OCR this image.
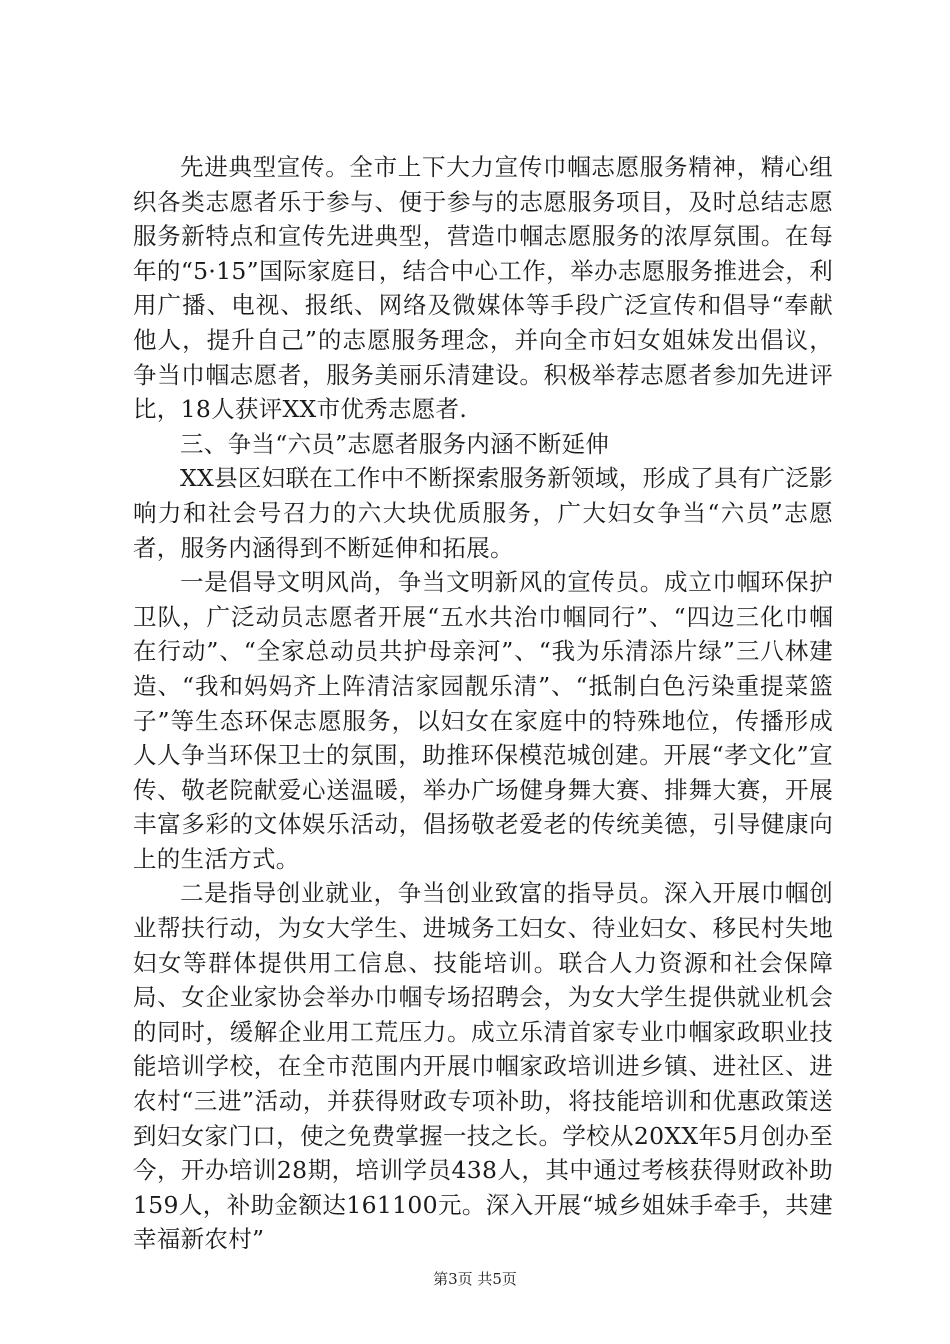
先进典型宣传。全市上下大力宣传巾帼志愿服务精神，精心组织各类志愿者乐于参与、便于参与的志愿服务项目，及时总结志愿服务新特点和宣传先进典型，营造巾帼志愿服务的浓厚氛围。在每年的“5·15”国际家庭日，结合中心工作，举办志愿服务推进会，利用广播、电视、报纸、网络及微媒体等手段广泛宣传和倡导“奉献他人，提升自己”的志愿服务理念，并向全市妇女姐妹发出倡议，争当巾帼志愿者，服务美丽乐清建设。积极举荐志愿者参加先进评比，18人获评XX市优秀志愿者.

三、争当“六员”志愿者服务内涵不断延伸

XX县区妇联在工作中不断探索服务新领域，形成了具有广泛影响力和社会号召力的六大块优质服务，广大妇女争当“六员”志愿者，服务内涵得到不断延伸和拓展。

一是倡导文明风尚，争当文明新风的宣传员。成立巾帼环保护卫队，广泛动员志愿者开展“五水共治巾帼同行”、“四边三化巾帼在行动”、“全家总动员共护母亲河”、“我为乐清添片绿”三八林建造、“我和妈妈齐上阵清洁家园靓乐清”、“抵制白色污染重提菜篮子”等生态环保志愿服务，以妇女在家庭中的特殊地位，传播形成人人争当环保卫士的氛围，助推环保模范城创建。开展“孝文化”宣传、敬老院献爱心送温暖，举办广场健身舞大赛、排舞大赛，开展丰富多彩的文体娱乐活动，倡扬敬老爱老的传统美德，引导健康向上的生活方式。

二是指导创业就业，争当创业致富的指导员。深入开展巾帼创业帮扶行动，为女大学生、进城务工妇女、待业妇女、移民村失地妇女等群体提供用工信息、技能培训。联合人力资源和社会保障局、女企业家协会举办巾帼专场招聘会，为女大学生提供就业机会的同时，缓解企业用工荒压力。成立乐清首家专业巾帼家政职业技能培训学校，在全市范围内开展巾帼家政培训进乡镇、进社区、进农村“三进”活动，并获得财政专项补助，将技能培训和优惠政策送到妇女家门口，使之免费掌握一技之长。学校从20XX年5月创办至今，开办培训28期，培训学员438人，其中通过考核获得财政补助159人，补助金额达161100元。深入开展“城乡姐妹手牵手，共建幸福新农村”

第3页 共5页
